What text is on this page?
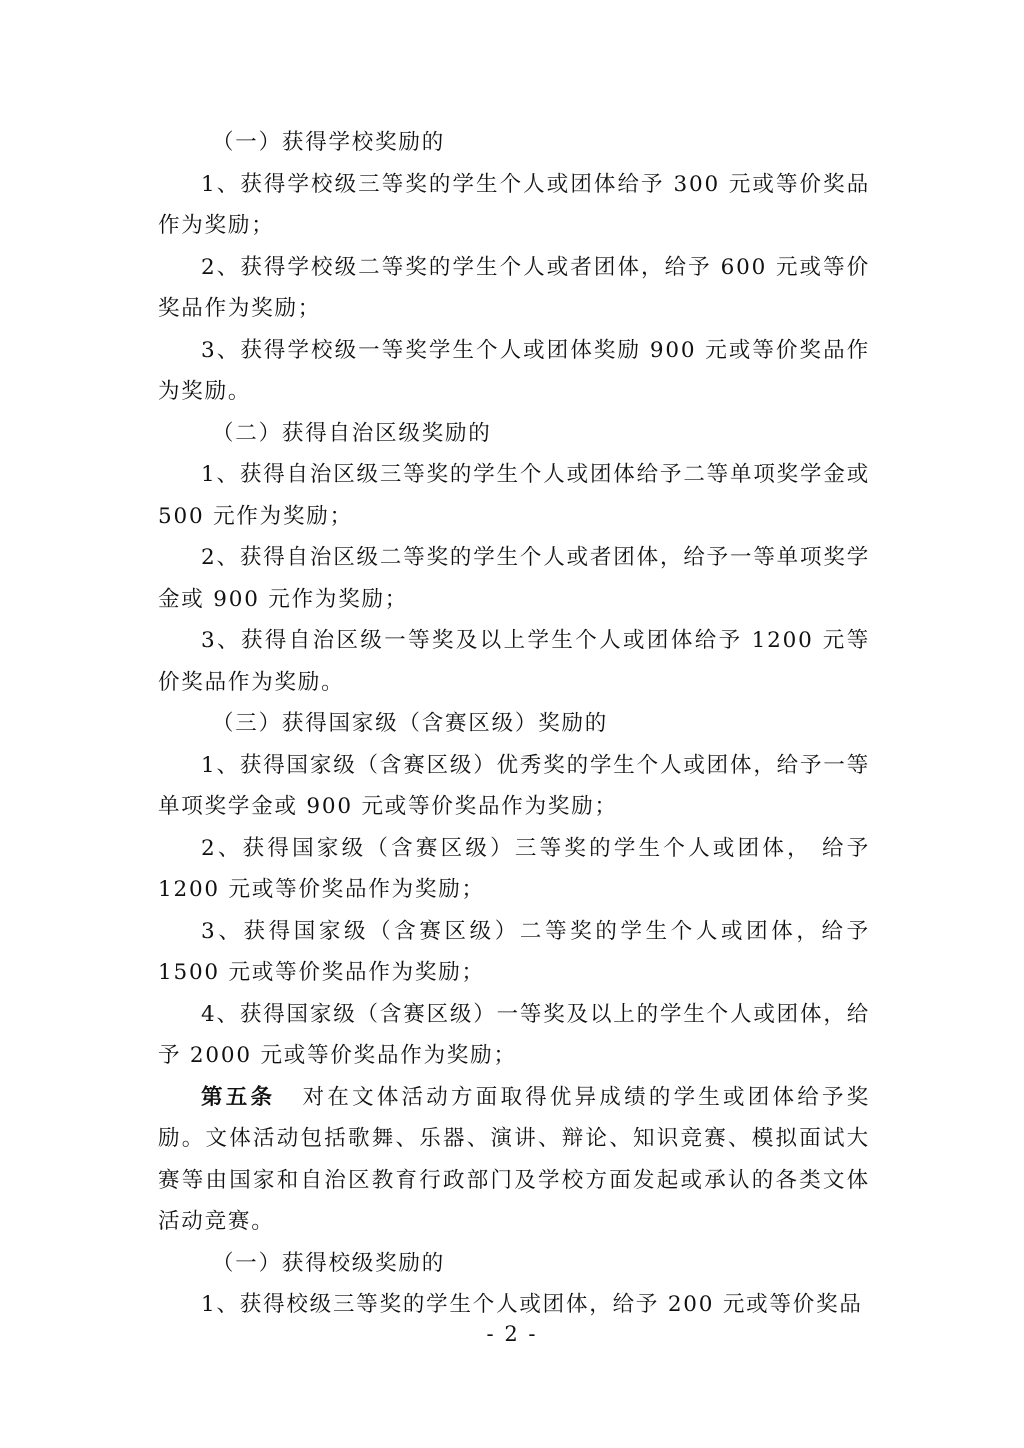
（一）获得学校奖励的

1、获得学校级三等奖的学生个人或团体给予 300 元或等价奖品作为奖励；

2、获得学校级二等奖的学生个人或者团体，给予 600 元或等价奖品作为奖励；

3、获得学校级一等奖学生个人或团体奖励 900 元或等价奖品作为奖励。

（二）获得自治区级奖励的

1、获得自治区级三等奖的学生个人或团体给予二等单项奖学金或 500 元作为奖励；

2、获得自治区级二等奖的学生个人或者团体，给予一等单项奖学金或 900 元作为奖励；

3、获得自治区级一等奖及以上学生个人或团体给予 1200 元等价奖品作为奖励。

（三）获得国家级（含赛区级）奖励的

1、获得国家级（含赛区级）优秀奖的学生个人或团体，给予一等单项奖学金或 900 元或等价奖品作为奖励；

2、获得国家级（含赛区级）三等奖的学生个人或团体， 给予 1200 元或等价奖品作为奖励；

3、获得国家级（含赛区级）二等奖的学生个人或团体，给予 1500 元或等价奖品作为奖励；

4、获得国家级（含赛区级）一等奖及以上的学生个人或团体，给予 2000 元或等价奖品作为奖励；

第五条 对在文体活动方面取得优异成绩的学生或团体给予奖励。文体活动包括歌舞、乐器、演讲、辩论、知识竞赛、模拟面试大赛等由国家和自治区教育行政部门及学校方面发起或承认的各类文体活动竞赛。

（一）获得校级奖励的

1、获得校级三等奖的学生个人或团体，给予 200 元或等价奖品

- 2 -
